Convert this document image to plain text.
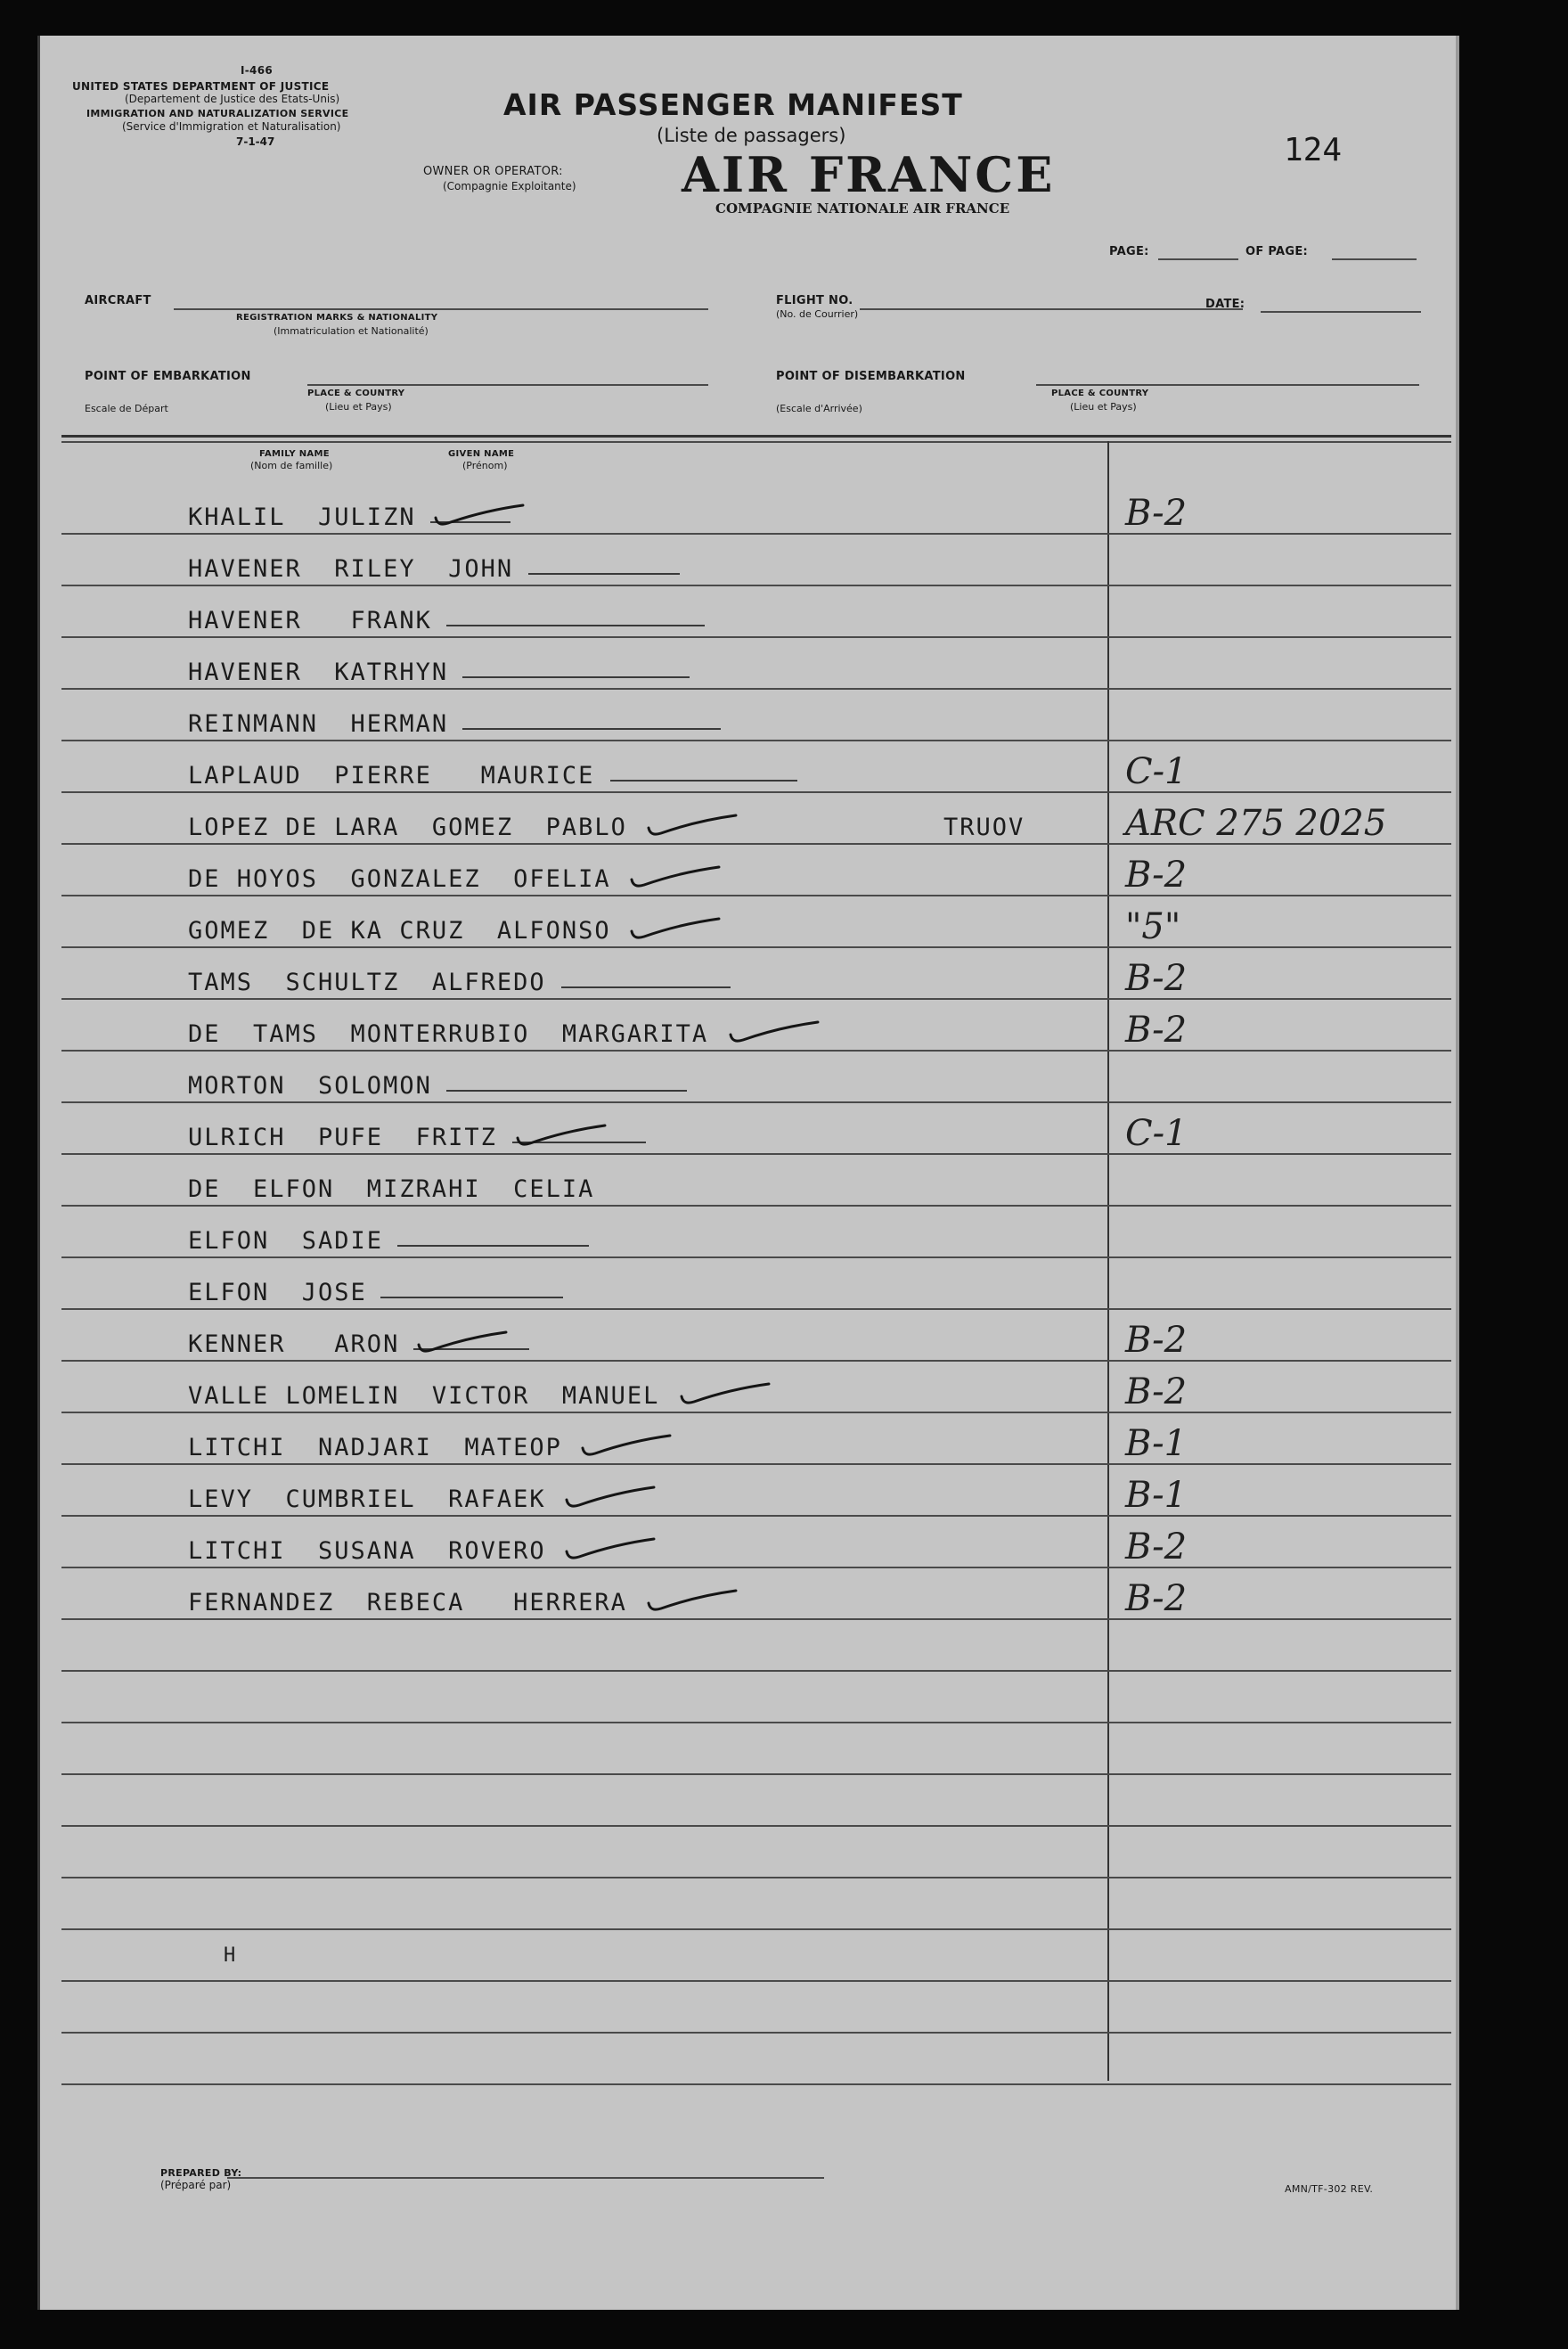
I-466
UNITED STATES DEPARTMENT OF JUSTICE
(Departement de Justice des Etats-Unis)
IMMIGRATION AND NATURALIZATION SERVICE
(Service d'Immigration et Naturalisation)
7-1-47
AIR PASSENGER MANIFEST
(Liste de passagers)
OWNER OR OPERATOR:
(Compagnie Exploitante) AIR FRANCE
COMPAGNIE NATIONALE AIR FRANCE
124
PAGE:	OF PAGE:
AIRCRAFT
REGISTRATION MARKS & NATIONALITY
(Immatriculation et Nationalité)
FLIGHT NO.
(No. de Courrier)
DATE:
POINT OF EMBARKATION
PLACE & COUNTRY
(Lieu et Pays)
Escale de Départ
POINT OF DISEMBARKATION
PLACE & COUNTRY
(Lieu et Pays)
(Escale d'Arrivée)
FAMILY NAME
(Nom de famille)
GIVEN NAME
(Prénom)
KHALIL  JULIZN	B-2
HAVENER  RILEY  JOHN
HAVENER   FRANK
HAVENER  KATRHYN
REINMANN  HERMAN
LAPLAUD  PIERRE   MAURICE	C-1
LOPEZ DE LARA  GOMEZ  PABLO	TRUOV	ARC 275 2025
DE HOYOS  GONZALEZ  OFELIA	B-2
GOMEZ  DE KA CRUZ  ALFONSO	"5"
TAMS  SCHULTZ  ALFREDO	B-2
DE  TAMS  MONTERRUBIO  MARGARITA	B-2
MORTON  SOLOMON
ULRICH  PUFE  FRITZ	C-1
DE  ELFON  MIZRAHI  CELIA
ELFON  SADIE
ELFON  JOSE
KENNER   ARON	B-2
VALLE LOMELIN  VICTOR  MANUEL	B-2
LITCHI  NADJARI  MATEOP	B-1
LEVY  CUMBRIEL  RAFAEK	B-1
LITCHI  SUSANA  ROVERO	B-2
FERNANDEZ  REBECA   HERRERA	B-2
H
PREPARED BY:
(Préparé par)	AMN/TF-302 REV.
